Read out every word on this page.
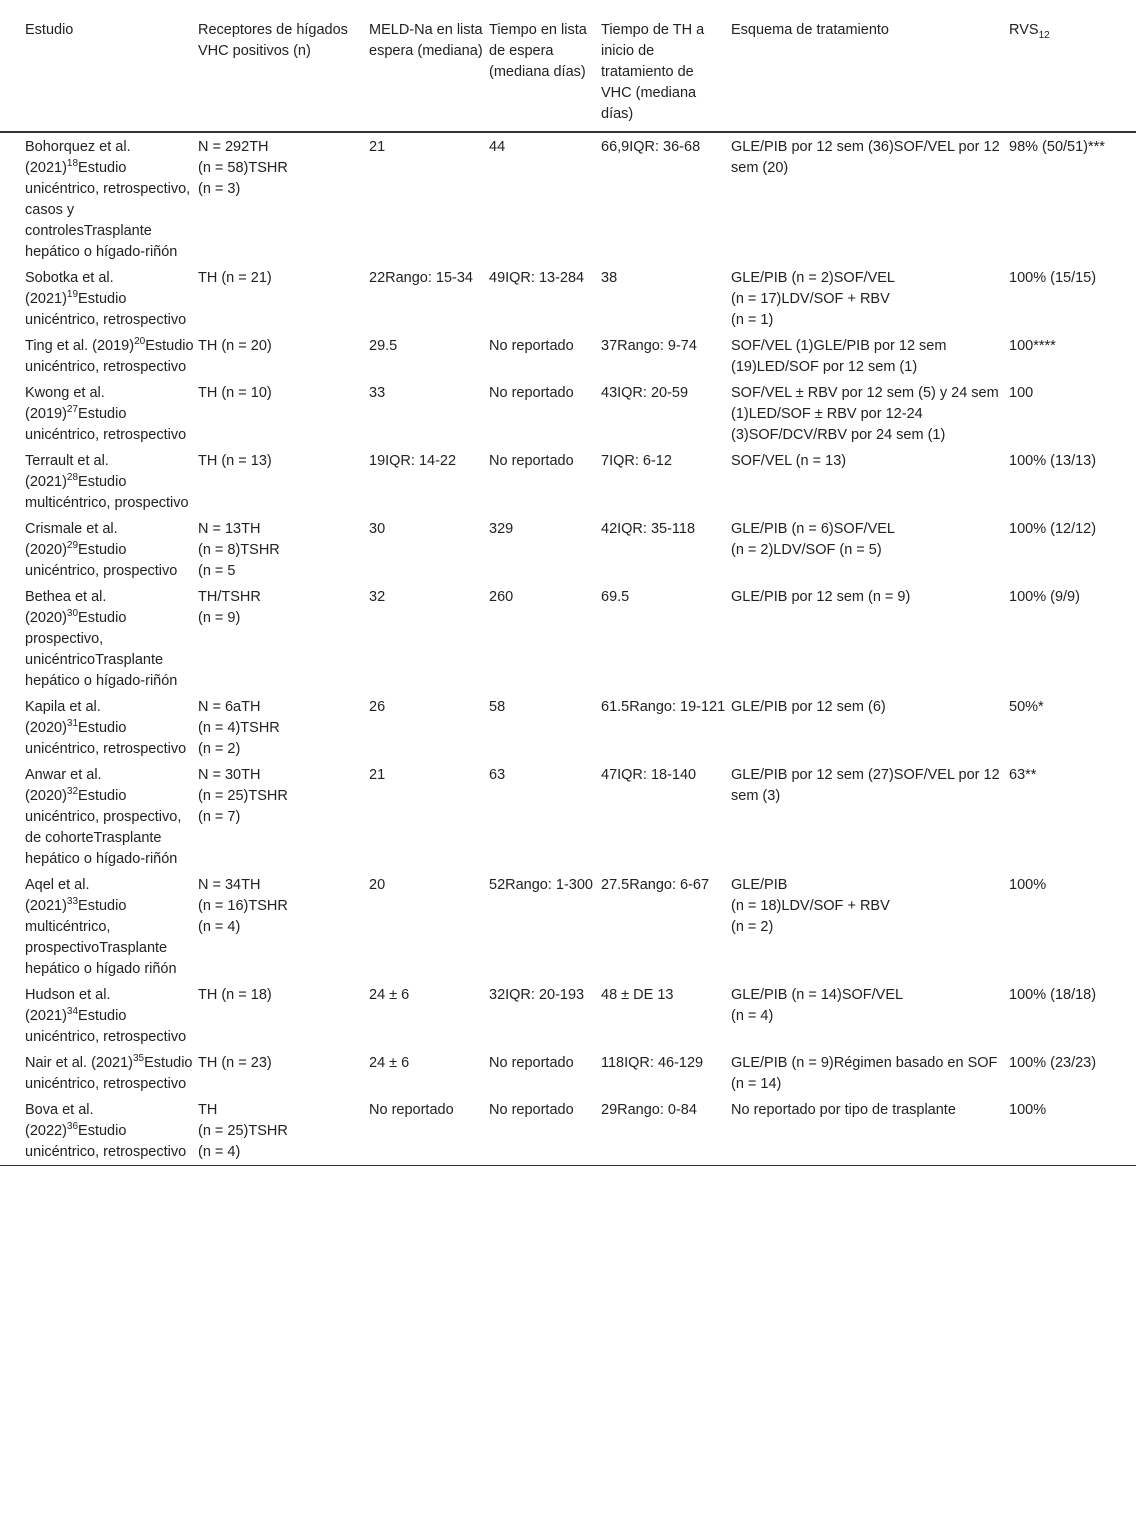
Estudio	Receptores de hígados VHC positivos (n)	MELD-Na en lista espera (mediana)	Tiempo en lista de espera (mediana días)	Tiempo de TH a inicio de tratamiento de VHC (mediana días)	Esquema de tratamiento	$RVS_{12}$
Bohorquez et al. $(2021)^{18}Estudio$ unicéntrico, retrospectivo, casos y controlesTrasplante hepático o hígado-riñón	N = 292TH
(n = 58)TSHR
(n = 3)	21	44	66,9IQR: 36-68	GLE/PIB por 12 sem (36)SOF/VEL por 12 sem (20)	98% (50/51)***
Sobotka et al. $(2021)^{19}Estudio$ unicéntrico, retrospectivo	TH (n = 21)	22Rango: 15-34	49IQR: 13-284	38	GLE/PIB (n = 2)SOF/VEL
(n = 17)LDV/SOF + RBV
(n = 1)	100% (15/15)
Ting et al. $(2019)^{20}Estudio$ unicéntrico, retrospectivo	TH (n = 20)	29.5	No reportado	37Rango: 9-74	SOF/VEL (1)GLE/PIB por 12 sem (19)LED/SOF por 12 sem (1)	100****
Kwong et al. $(2019)^{27}Estudio$ unicéntrico, retrospectivo	TH (n = 10)	33	No reportado	43IQR: 20-59	SOF/VEL ± RBV por 12 sem (5) y 24 sem
(1)LED/SOF ± RBV por 12-24 (3)SOF/DCV/RBV por 24 sem (1)	100
Terrault et al. $(2021)^{28}Estudio$ multicéntrico, prospectivo	TH (n = 13)	19IQR: 14-22	No reportado	7IQR: 6-12	SOF/VEL (n = 13)	100% (13/13)
Crismale et al. $(2020)^{29}Estudio$ unicéntrico, prospectivo	N = 13TH
(n = 8)TSHR
(n = 5	30	329	42IQR: 35-118	GLE/PIB (n = 6)SOF/VEL
(n = 2)LDV/SOF (n = 5)	100% (12/12)
Bethea et al. $(2020)^{30}Estudio$ prospectivo, unicéntricoTrasplante hepático o hígado-riñón	TH/TSHR
(n = 9)	32	260	69.5	GLE/PIB por 12 sem (n = 9)	100% (9/9)
Kapila et al. $(2020)^{31}Estudio$ unicéntrico, retrospectivo	N = 6aTH
(n = 4)TSHR
(n = 2)	26	58	61.5Rango: 19-121	GLE/PIB por 12 sem (6)	50%*
Anwar et al. $(2020)^{32}Estudio$ unicéntrico, prospectivo, de cohorteTrasplante hepático o hígado-riñón	N = 30TH
(n = 25)TSHR
(n = 7)	21	63	47IQR: 18-140	GLE/PIB por 12 sem (27)SOF/VEL por 12 sem (3)	63**
Aqel et al. $(2021)^{33}Estudio$ multicéntrico, prospectivoTrasplante hepático o hígado riñón	N = 34TH
(n = 16)TSHR
(n = 4)	20	52Rango: 1-300	27.5Rango: 6-67	GLE/PIB
(n = 18)LDV/SOF + RBV
(n = 2)	100%
Hudson et al. $(2021)^{34}Estudio$ unicéntrico, retrospectivo	TH (n = 18)	24 ± 6	32IQR: 20-193	48 ± DE 13	GLE/PIB (n = 14)SOF/VEL
(n = 4)	100% (18/18)
Nair et al. $(2021)^{35}Estudio$ unicéntrico, retrospectivo	TH (n = 23)	24 ± 6	No reportado	118IQR: 46-129	GLE/PIB (n = 9)Régimen basado en SOF (n = 14)	100% (23/23)
Bova et al. $(2022)^{36}Estudio$ unicéntrico, retrospectivo	TH
(n = 25)TSHR
(n = 4)	No reportado	No reportado	29Rango: 0-84	No reportado por tipo de trasplante	100%
